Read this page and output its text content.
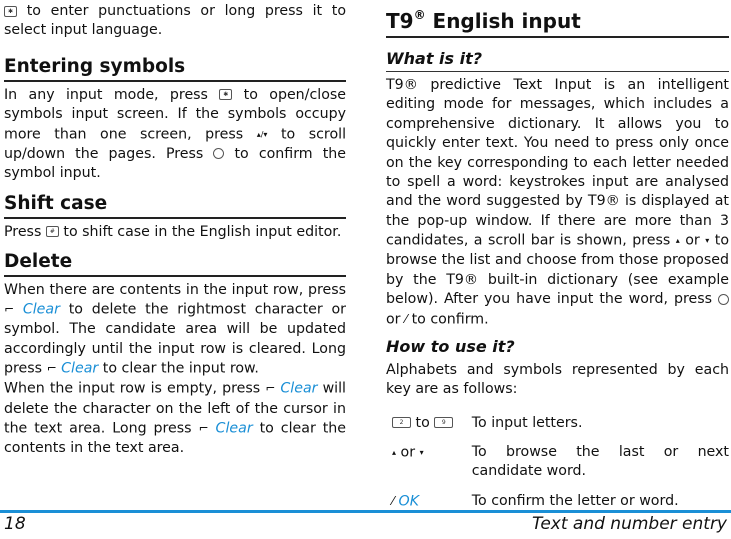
✱ to enter punctuations or long press it to select input language.

Entering symbols

In any input mode, press	✱ to open/close symbols input screen. If the symbols occupy more than one screen, press ▴/▾ to scroll up/down the pages. Press to confirm the symbol input.

Shift case

Press # to shift case in the English input editor.

Delete

When there are contents in the input row, press ⌐ Clear to delete the rightmost character or symbol. The candidate area will be updated accordingly until the input row is cleared. Long press ⌐ Clear to clear the input row.

When the input row is empty, press ⌐ Clear will delete the character on the left of the cursor in the text area. Long press ⌐ Clear to clear the contents in the text area.

T9® English input
What is it?

T9® predictive Text Input is an intelligent editing mode for messages, which includes a comprehensive dictionary. It allows you to quickly enter text. You need to press only once on the key corresponding to each letter needed to spell a word: keystrokes input are analysed and the word suggested by T9® is displayed at the pop-up window. If there are more than 3 candidates, a scroll bar is shown, press ▴ or ▾ to browse the list and choose from those proposed by the T9® built-in dictionary (see example below). After you have input the word, press  or ⁄ to confirm.

How to use it?

Alphabets and symbols represented by each key are as follows:

2 to 9	To input letters.
▴ or ▾	To browse the last or next candidate word.
⁄ OK	To confirm the letter or word.
18	Text and number entry
